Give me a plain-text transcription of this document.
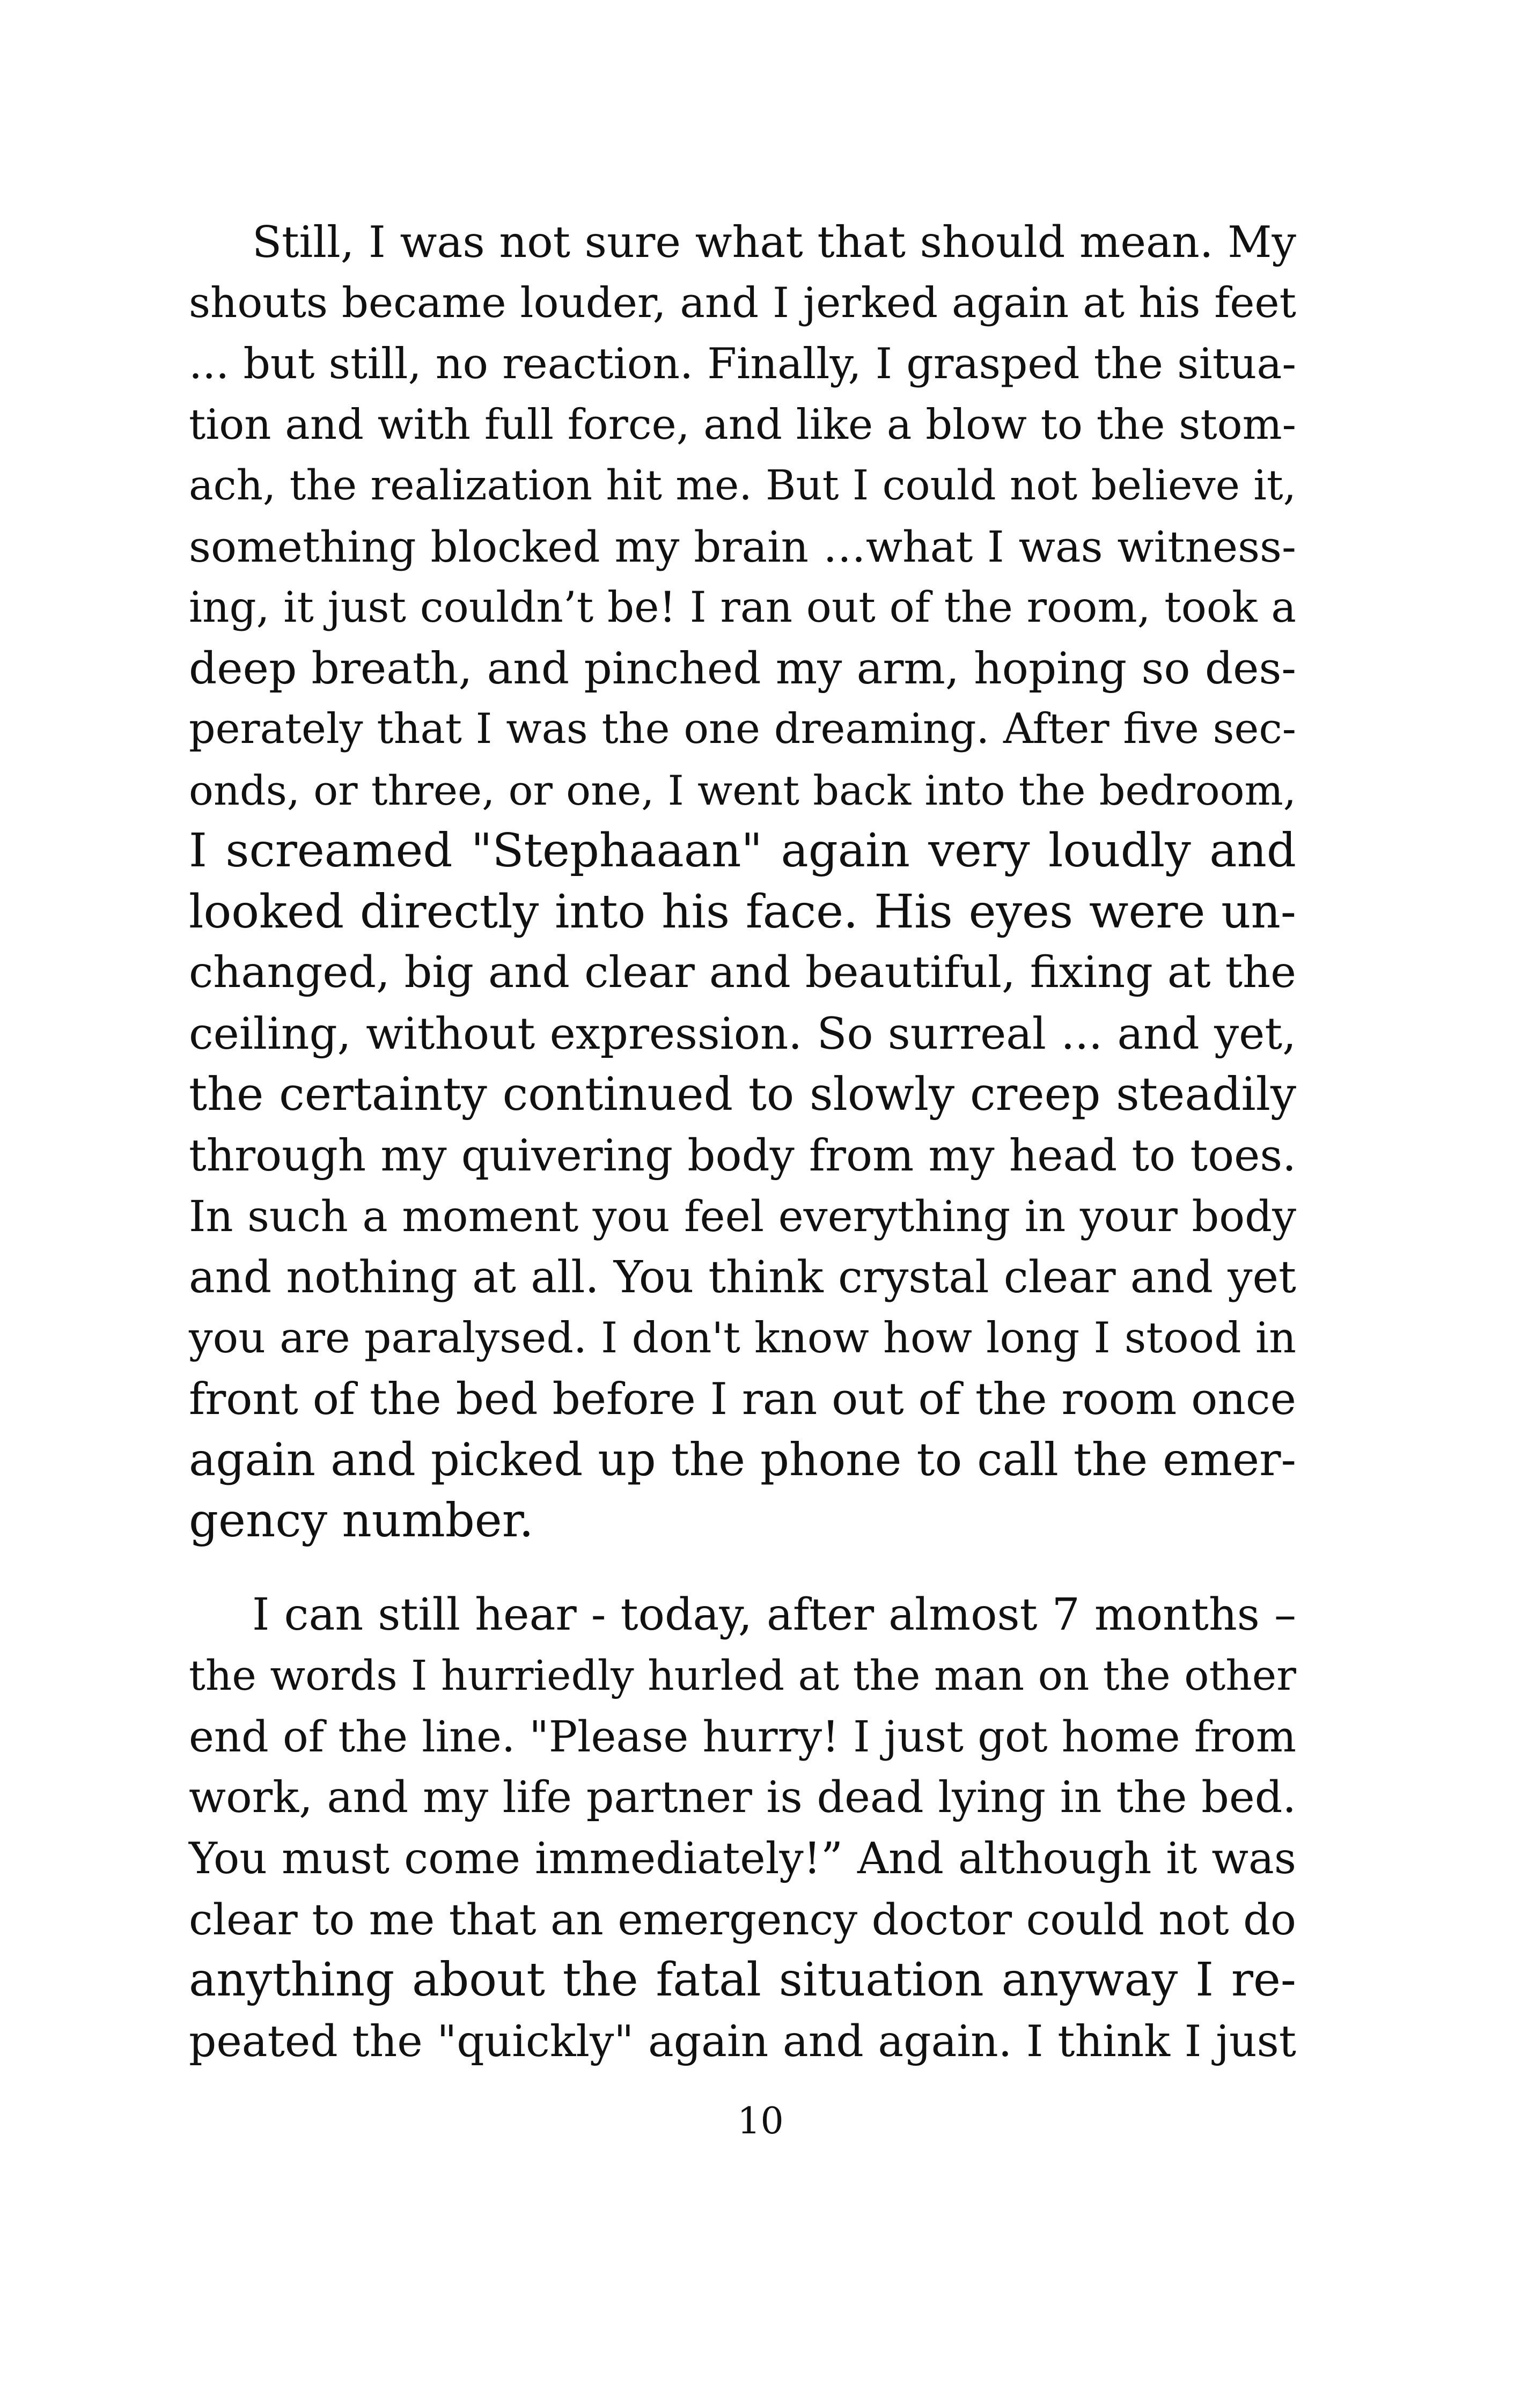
Still, I was not sure what that should mean. My
shouts became louder, and I jerked again at his feet
... but still, no reaction. Finally, I grasped the situa-
tion and with full force, and like a blow to the stom-
ach, the realization hit me. But I could not believe it,
something blocked my brain …what I was witness-
ing, it just couldn’t be! I ran out of the room, took a
deep breath, and pinched my arm, hoping so des-
perately that I was the one dreaming. After five sec-
onds, or three, or one, I went back into the bedroom,
I screamed "Stephaaan" again very loudly and
looked directly into his face. His eyes were un-
changed, big and clear and beautiful, fixing at the
ceiling, without expression. So surreal ... and yet,
the certainty continued to slowly creep steadily
through my quivering body from my head to toes.
In such a moment you feel everything in your body
and nothing at all. You think crystal clear and yet
you are paralysed. I don't know how long I stood in
front of the bed before I ran out of the room once
again and picked up the phone to call the emer-
gency number.
I can still hear - today, after almost 7 months –
the words I hurriedly hurled at the man on the other
end of the line. "Please hurry! I just got home from
work, and my life partner is dead lying in the bed.
You must come immediately!” And although it was
clear to me that an emergency doctor could not do
anything about the fatal situation anyway I re-
peated the "quickly" again and again. I think I just
10
